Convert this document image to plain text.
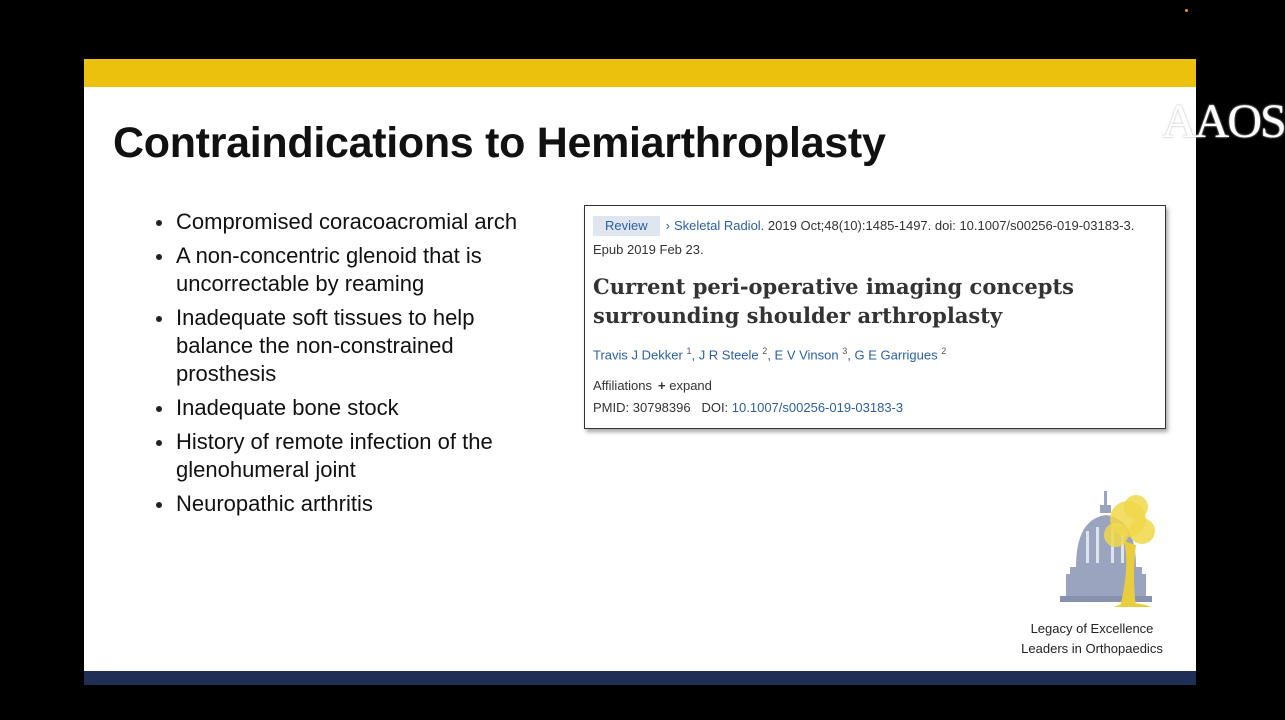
AAOS
Contraindications to Hemiarthroplasty
Compromised coracoacromial arch
A non-concentric glenoid that is uncorrectable by reaming
Inadequate soft tissues to help balance the non-constrained prosthesis
Inadequate bone stock
History of remote infection of the glenohumeral joint
Neuropathic arthritis
Review › Skeletal Radiol. 2019 Oct;48(10):1485-1497. doi: 10.1007/s00256-019-03183-3.
Epub 2019 Feb 23.
Current peri-operative imaging concepts surrounding shoulder arthroplasty
Travis J Dekker $^1$, J R Steele $^2$, E V Vinson $^3$, G E Garrigues $^2$
Affiliations + expand
PMID: 30798396 DOI: 10.1007/s00256-019-03183-3
Legacy of Excellence
Leaders in Orthopaedics
